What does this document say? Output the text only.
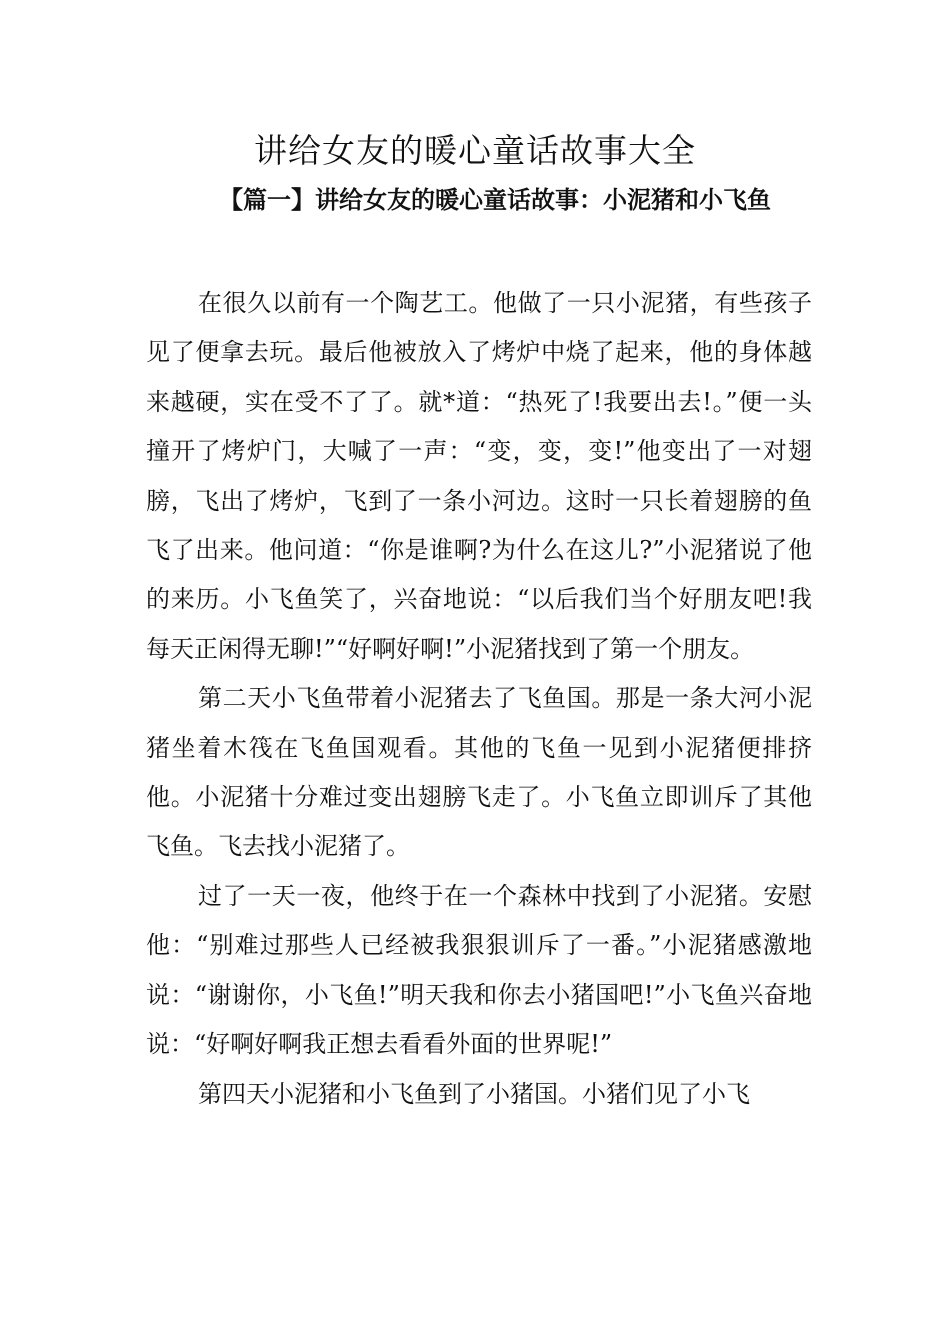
讲给女友的暖心童话故事大全
【篇一】讲给女友的暖心童话故事：小泥猪和小飞鱼

在很久以前有一个陶艺工。他做了一只小泥猪，有些孩子见了便拿去玩。最后他被放入了烤炉中烧了起来，他的身体越来越硬，实在受不了了。就*道：“热死了!我要出去!。”便一头撞开了烤炉门，大喊了一声：“变，变，变!”他变出了一对翅膀，飞出了烤炉，飞到了一条小河边。这时一只长着翅膀的鱼飞了出来。他问道：“你是谁啊?为什么在这儿?”小泥猪说了他的来历。小飞鱼笑了，兴奋地说：“以后我们当个好朋友吧!我每天正闲得无聊!”“好啊好啊!”小泥猪找到了第一个朋友。

第二天小飞鱼带着小泥猪去了飞鱼国。那是一条大河小泥猪坐着木筏在飞鱼国观看。其他的飞鱼一见到小泥猪便排挤他。小泥猪十分难过变出翅膀飞走了。小飞鱼立即训斥了其他飞鱼。飞去找小泥猪了。

过了一天一夜，他终于在一个森林中找到了小泥猪。安慰他：“别难过那些人已经被我狠狠训斥了一番。”小泥猪感激地说：“谢谢你，小飞鱼!”明天我和你去小猪国吧!”小飞鱼兴奋地说：“好啊好啊我正想去看看外面的世界呢!”

第四天小泥猪和小飞鱼到了小猪国。小猪们见了小飞
